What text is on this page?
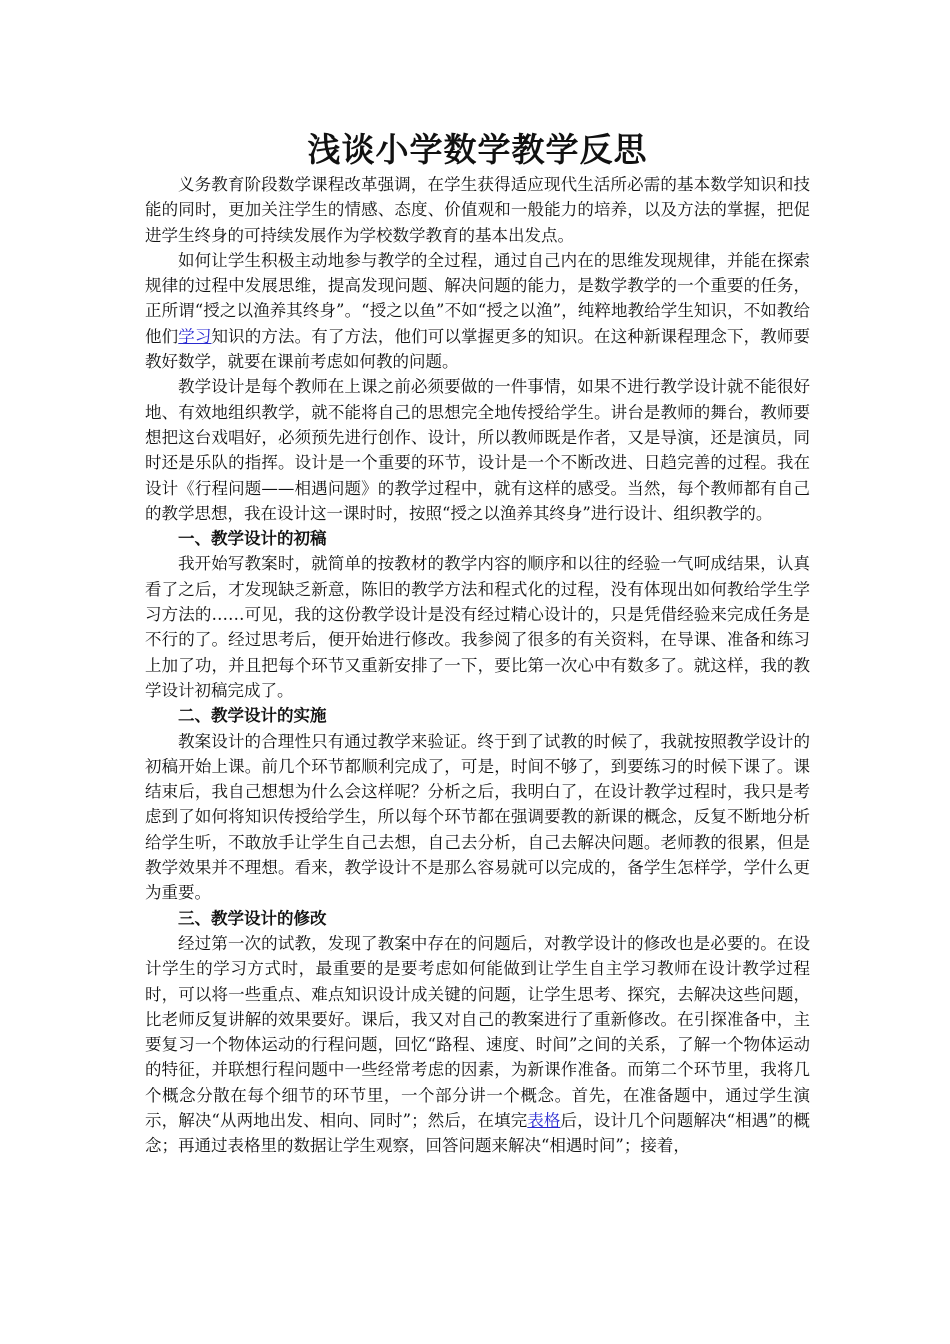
浅谈小学数学教学反思

义务教育阶段数学课程改革强调，在学生获得适应现代生活所必需的基本数学知识和技能的同时，更加关注学生的情感、态度、价值观和一般能力的培养，以及方法的掌握，把促进学生终身的可持续发展作为学校数学教育的基本出发点。

如何让学生积极主动地参与教学的全过程，通过自己内在的思维发现规律，并能在探索规律的过程中发展思维，提高发现问题、解决问题的能力，是数学教学的一个重要的任务，正所谓“授之以渔养其终身”。“授之以鱼”不如“授之以渔”，纯粹地教给学生知识，不如教给他们学习知识的方法。有了方法，他们可以掌握更多的知识。在这种新课程理念下，教师要教好数学，就要在课前考虑如何教的问题。

教学设计是每个教师在上课之前必须要做的一件事情，如果不进行教学设计就不能很好地、有效地组织教学，就不能将自己的思想完全地传授给学生。讲台是教师的舞台，教师要想把这台戏唱好，必须预先进行创作、设计，所以教师既是作者，又是导演，还是演员，同时还是乐队的指挥。设计是一个重要的环节，设计是一个不断改进、日趋完善的过程。我在设计《行程问题——相遇问题》的教学过程中，就有这样的感受。当然，每个教师都有自己的教学思想，我在设计这一课时时，按照“授之以渔养其终身”进行设计、组织教学的。

一、教学设计的初稿

我开始写教案时，就简单的按教材的教学内容的顺序和以往的经验一气呵成结果，认真看了之后，才发现缺乏新意，陈旧的教学方法和程式化的过程，没有体现出如何教给学生学习方法的……可见，我的这份教学设计是没有经过精心设计的，只是凭借经验来完成任务是不行的了。经过思考后，便开始进行修改。我参阅了很多的有关资料，在导课、准备和练习上加了功，并且把每个环节又重新安排了一下，要比第一次心中有数多了。就这样，我的教学设计初稿完成了。

二、教学设计的实施

教案设计的合理性只有通过教学来验证。终于到了试教的时候了，我就按照教学设计的初稿开始上课。前几个环节都顺利完成了，可是，时间不够了，到要练习的时候下课了。课结束后，我自己想想为什么会这样呢？分析之后，我明白了，在设计教学过程时，我只是考虑到了如何将知识传授给学生，所以每个环节都在强调要教的新课的概念，反复不断地分析给学生听，不敢放手让学生自己去想，自己去分析，自己去解决问题。老师教的很累，但是教学效果并不理想。看来，教学设计不是那么容易就可以完成的，备学生怎样学，学什么更为重要。

三、教学设计的修改

经过第一次的试教，发现了教案中存在的问题后，对教学设计的修改也是必要的。在设计学生的学习方式时，最重要的是要考虑如何能做到让学生自主学习教师在设计教学过程时，可以将一些重点、难点知识设计成关键的问题，让学生思考、探究，去解决这些问题，比老师反复讲解的效果要好。课后，我又对自己的教案进行了重新修改。在引探准备中，主要复习一个物体运动的行程问题，回忆“路程、速度、时间”之间的关系，了解一个物体运动的特征，并联想行程问题中一些经常考虑的因素，为新课作准备。而第二个环节里，我将几个概念分散在每个细节的环节里，一个部分讲一个概念。首先，在准备题中，通过学生演示，解决“从两地出发、相向、同时”；然后，在填完表格后，设计几个问题解决“相遇”的概念；再通过表格里的数据让学生观察，回答问题来解决“相遇时间”；接着，
